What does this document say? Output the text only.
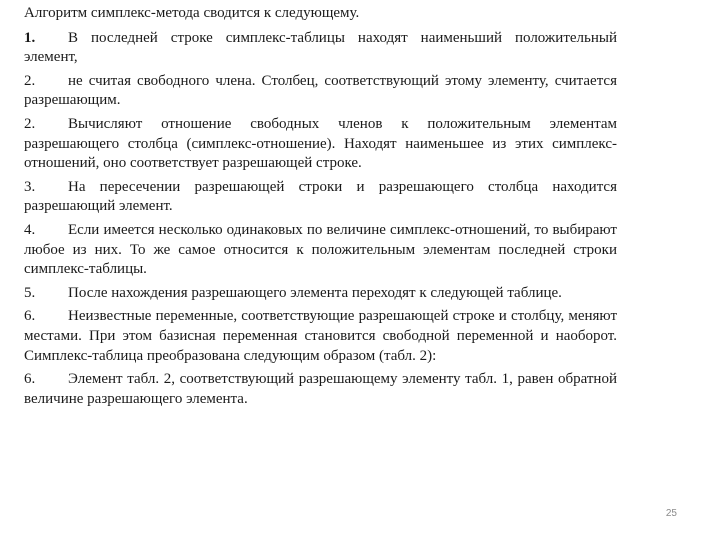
Алгоритм симплекс-метода сводится к следующему.

1. В последней строке симплекс-таблицы находят наименьший положительный элемент,

2. не считая свободного члена. Столбец, соответствующий этому элементу, считается разрешающим.

2. Вычисляют отношение свободных членов к положительным элементам разрешающего столбца (симплекс-отношение). Находят наименьшее из этих симплекс-отношений, оно соответствует разрешающей строке.

3. На пересечении разрешающей строки и разрешающего столбца находится разрешающий элемент.

4. Если имеется несколько одинаковых по величине симплекс-отношений, то выбирают любое из них. То же самое относится к положительным элементам последней строки симплекс-таблицы.

5. После нахождения разрешающего элемента переходят к следующей таблице.

6. Неизвестные переменные, соответствующие разрешающей строке и столбцу, меняют местами. При этом базисная переменная становится свободной переменной и наоборот. Симплекс-таблица преобразована следующим образом (табл. 2):

6. Элемент табл. 2, соответствующий разрешающему элементу табл. 1, равен обратной величине разрешающего элемента.

25
